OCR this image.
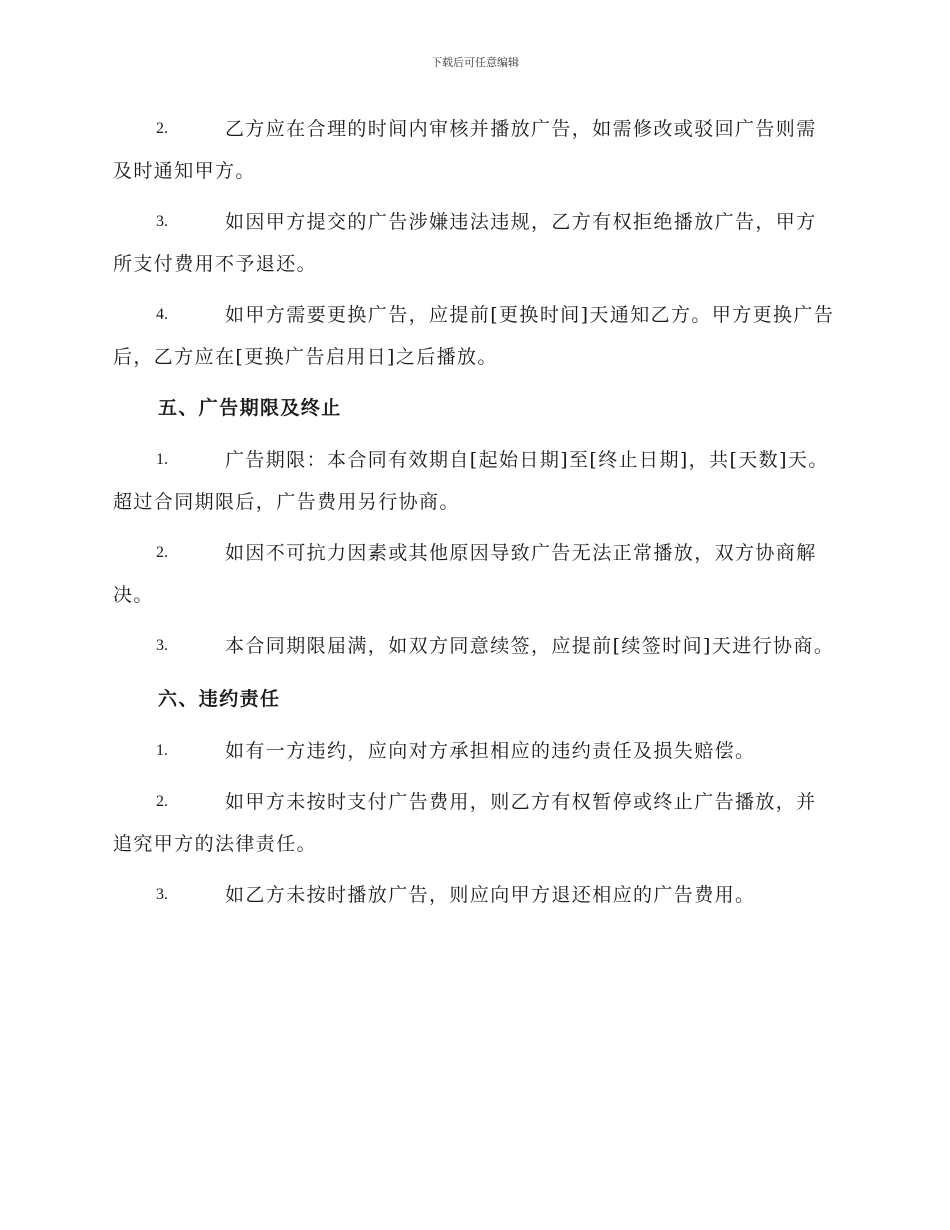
下载后可任意编辑
2.	乙方应在合理的时间内审核并播放广告，如需修改或驳回广告则需及时通知甲方。
3.	如因甲方提交的广告涉嫌违法违规，乙方有权拒绝播放广告，甲方所支付费用不予退还。
4.	如甲方需要更换广告，应提前[更换时间]天通知乙方。甲方更换广告后，乙方应在[更换广告启用日]之后播放。
五、广告期限及终止
1.	广告期限：本合同有效期自[起始日期]至[终止日期]，共[天数]天。超过合同期限后，广告费用另行协商。
2.	如因不可抗力因素或其他原因导致广告无法正常播放，双方协商解决。
3.	本合同期限届满，如双方同意续签，应提前[续签时间]天进行协商。
六、违约责任
1.	如有一方违约，应向对方承担相应的违约责任及损失赔偿。
2.	如甲方未按时支付广告费用，则乙方有权暂停或终止广告播放，并追究甲方的法律责任。
3.	如乙方未按时播放广告，则应向甲方退还相应的广告费用。
